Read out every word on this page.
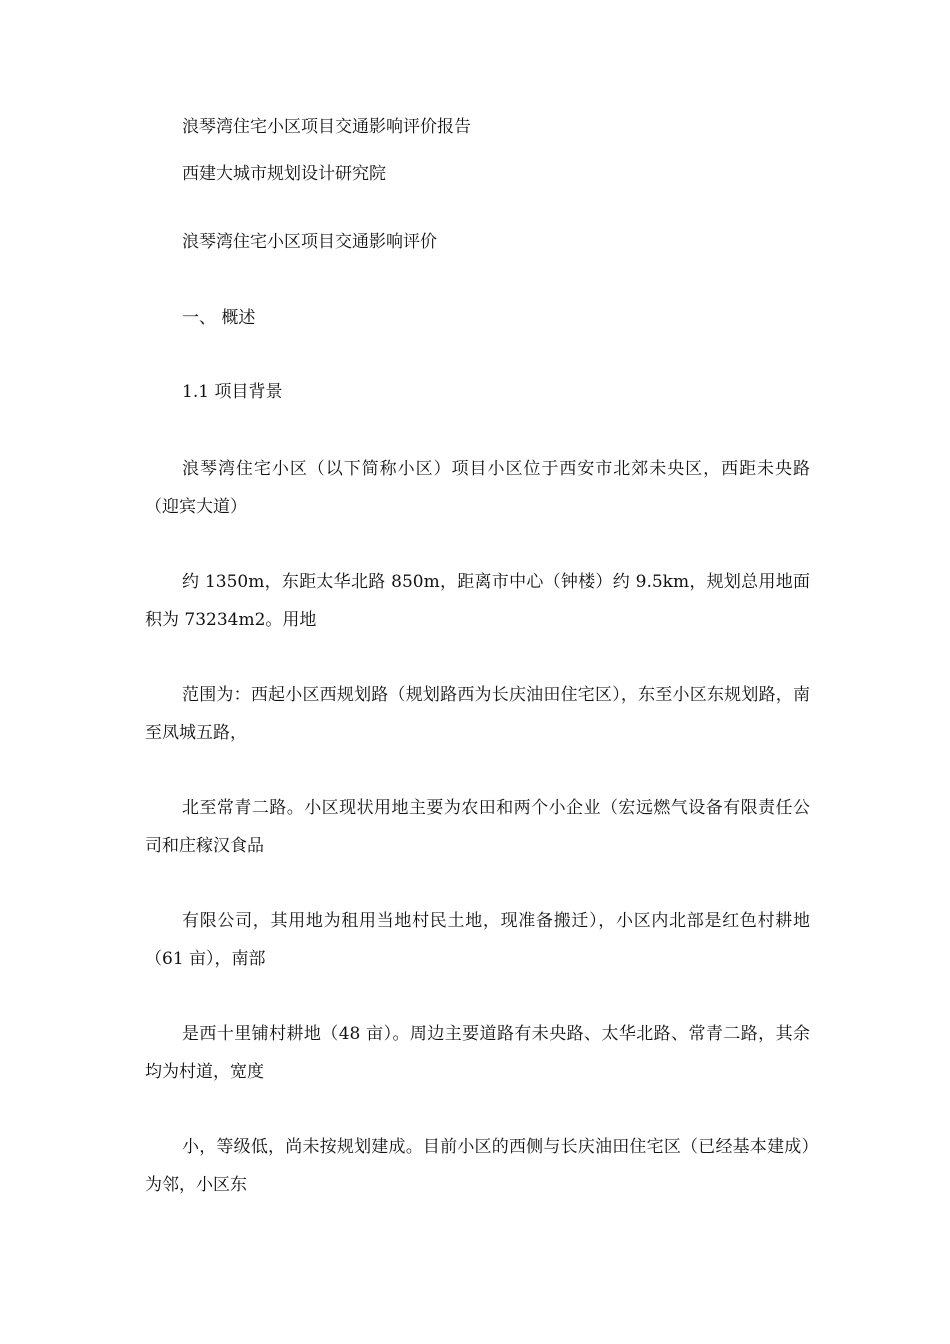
浪琴湾住宅小区项目交通影响评价报告

西建大城市规划设计研究院

浪琴湾住宅小区项目交通影响评价

一、 概述

1.1 项目背景

浪琴湾住宅小区（以下简称小区）项目小区位于西安市北郊未央区，西距未央路（迎宾大道）

约 1350m，东距太华北路 850m，距离市中心（钟楼）约 9.5km，规划总用地面积为 73234m2。用地

范围为：西起小区西规划路（规划路西为长庆油田住宅区），东至小区东规划路，南至凤城五路，

北至常青二路。小区现状用地主要为农田和两个小企业（宏远燃气设备有限责任公司和庄稼汉食品

有限公司，其用地为租用当地村民土地，现准备搬迁），小区内北部是红色村耕地（61 亩），南部

是西十里铺村耕地（48 亩）。周边主要道路有未央路、太华北路、常青二路，其余均为村道，宽度

小，等级低，尚未按规划建成。目前小区的西侧与长庆油田住宅区（已经基本建成）为邻，小区东
